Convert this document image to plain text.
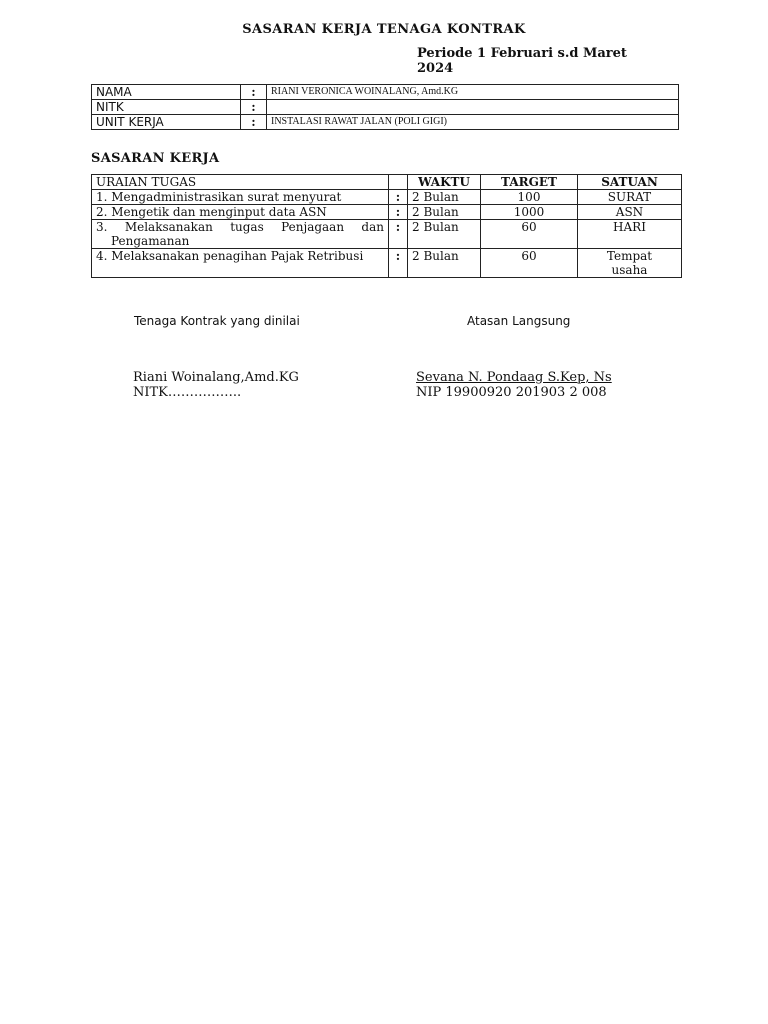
SASARAN KERJA TENAGA KONTRAK
Periode 1 Februari s.d Maret
2024
NAMA	:	RIANI VERONICA WOINALANG, Amd.KG
NITK	:	
UNIT KERJA	:	INSTALASI RAWAT JALAN (POLI GIGI)
SASARAN KERJA
URAIAN TUGAS		WAKTU	TARGET	SATUAN

1. Mengadministrasikan surat menyurat	:	2 Bulan	100	SURAT

2. Mengetik dan menginput data ASN	:	2 Bulan	1000	ASN

3. Melaksanakan tugas Penjagaan dan Pengamanan	:	2 Bulan	60	HARI

4. Melaksanakan penagihan Pajak Retribusi	:	2 Bulan	60	Tempat usaha
Tenaga Kontrak yang dinilai	Atasan Langsung
Riani Woinalang,Amd.KG
NITK……………..
Sevana N. Pondaag S.Kep, Ns
NIP 19900920 201903 2 008
